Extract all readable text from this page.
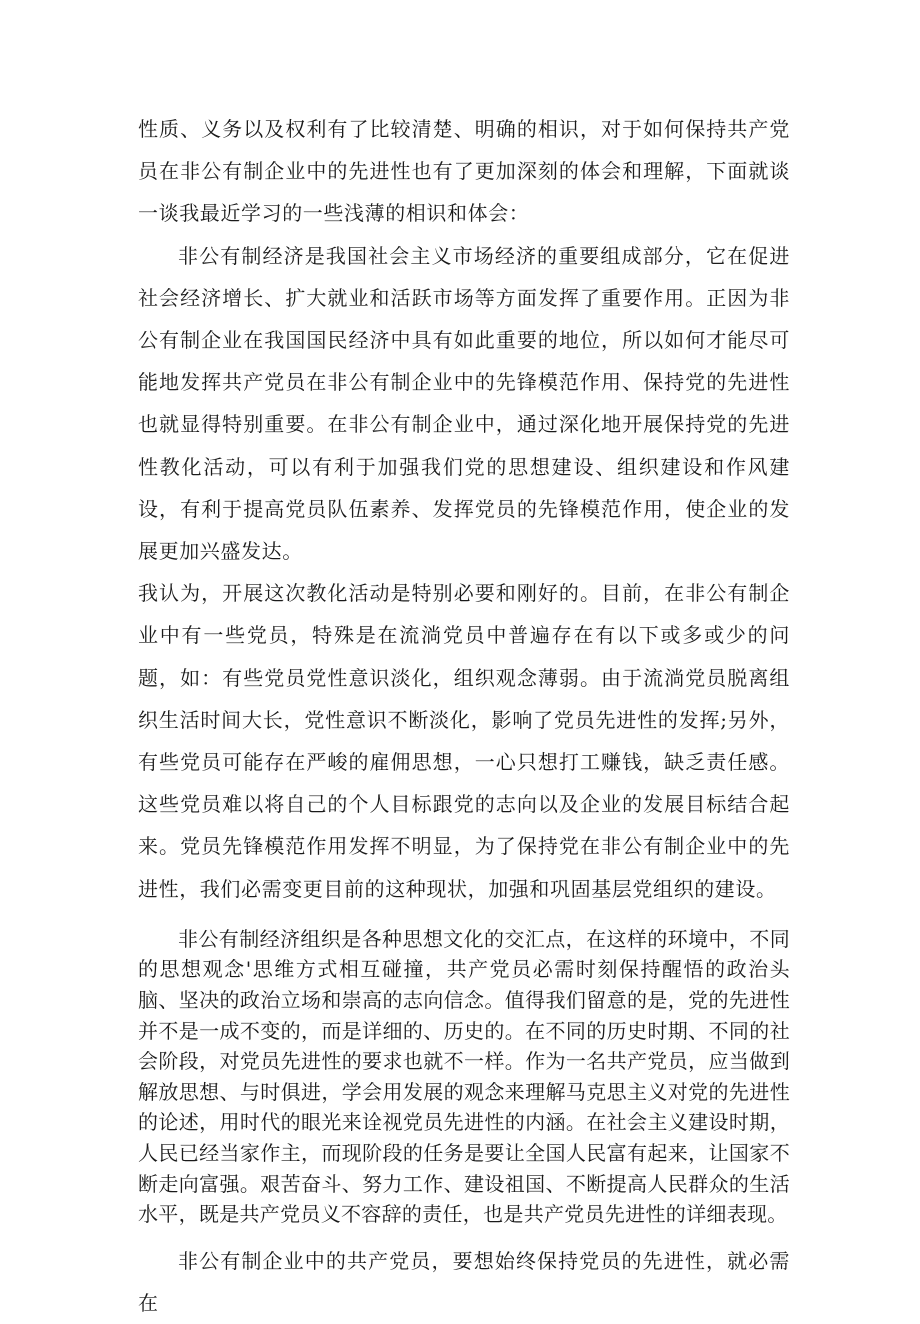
性质、义务以及权利有了比较清楚、明确的相识，对于如何保持共产党员在非公有制企业中的先进性也有了更加深刻的体会和理解，下面就谈一谈我最近学习的一些浅薄的相识和体会：

非公有制经济是我国社会主义市场经济的重要组成部分，它在促进社会经济增长、扩大就业和活跃市场等方面发挥了重要作用。正因为非公有制企业在我国国民经济中具有如此重要的地位，所以如何才能尽可能地发挥共产党员在非公有制企业中的先锋模范作用、保持党的先进性也就显得特别重要。在非公有制企业中，通过深化地开展保持党的先进性教化活动，可以有利于加强我们党的思想建设、组织建设和作风建设，有利于提高党员队伍素养、发挥党员的先锋模范作用，使企业的发展更加兴盛发达。

我认为，开展这次教化活动是特别必要和刚好的。目前，在非公有制企业中有一些党员，特殊是在流淌党员中普遍存在有以下或多或少的问题，如：有些党员党性意识淡化，组织观念薄弱。由于流淌党员脱离组织生活时间大长，党性意识不断淡化，影响了党员先进性的发挥;另外，有些党员可能存在严峻的雇佣思想，一心只想打工赚钱，缺乏责任感。这些党员难以将自己的个人目标跟党的志向以及企业的发展目标结合起来。党员先锋模范作用发挥不明显，为了保持党在非公有制企业中的先进性，我们必需变更目前的这种现状，加强和巩固基层党组织的建设。

非公有制经济组织是各种思想文化的交汇点，在这样的环境中，不同的思想观念'思维方式相互碰撞，共产党员必需时刻保持醒悟的政治头脑、坚决的政治立场和崇高的志向信念。值得我们留意的是，党的先进性并不是一成不变的，而是详细的、历史的。在不同的历史时期、不同的社会阶段，对党员先进性的要求也就不一样。作为一名共产党员，应当做到解放思想、与时俱进，学会用发展的观念来理解马克思主义对党的先进性的论述，用时代的眼光来诠视党员先进性的内涵。在社会主义建设时期，人民已经当家作主，而现阶段的任务是要让全国人民富有起来，让国家不断走向富强。艰苦奋斗、努力工作、建设祖国、不断提高人民群众的生活水平，既是共产党员义不容辞的责任，也是共产党员先进性的详细表现。

非公有制企业中的共产党员，要想始终保持党员的先进性，就必需在
